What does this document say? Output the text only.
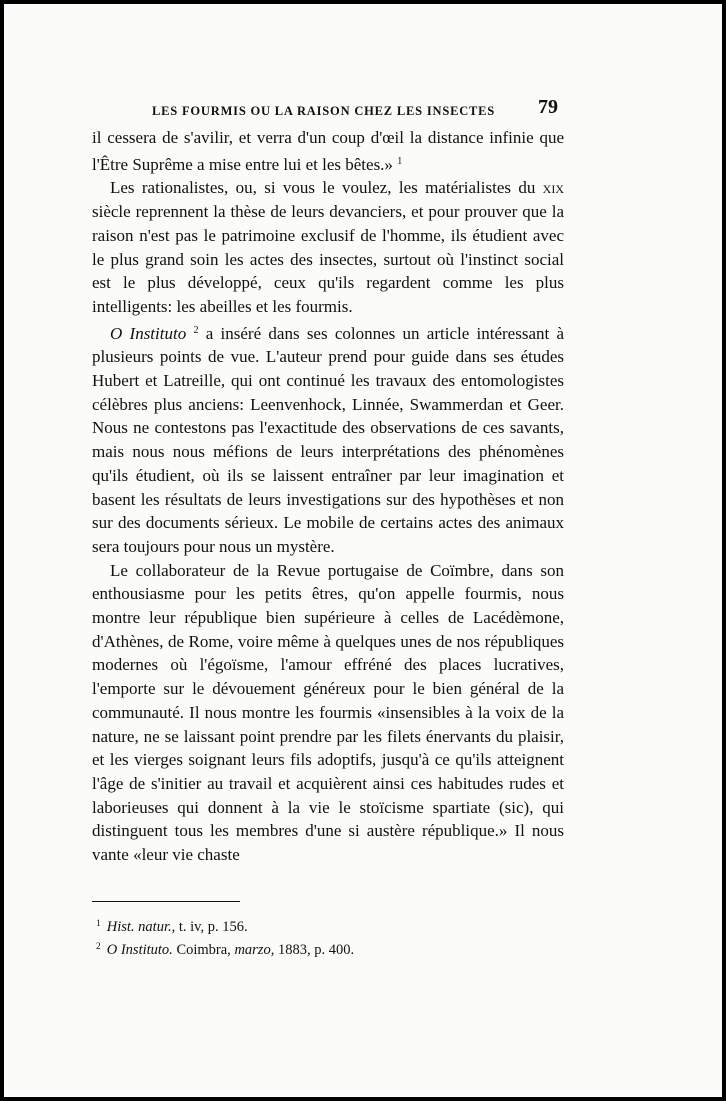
LES FOURMIS OU LA RAISON CHEZ LES INSECTES 79

il cessera de s'avilir, et verra d'un coup d'œil la distance infinie que l'Être Suprême a mise entre lui et les bêtes.» $^1$

Les rationalistes, ou, si vous le voulez, les matérialistes du xix siècle reprennent la thèse de leurs devanciers, et pour prouver que la raison n'est pas le patrimoine exclusif de l'homme, ils étudient avec le plus grand soin les actes des insectes, surtout où l'instinct social est le plus développé, ceux qu'ils regardent comme les plus intelligents: les abeilles et les fourmis.

O Instituto $^2$ a inséré dans ses colonnes un article intéressant à plusieurs points de vue. L'auteur prend pour guide dans ses études Hubert et Latreille, qui ont continué les travaux des entomologistes célèbres plus anciens: Leenvenhock, Linnée, Swammerdan et Geer. Nous ne contestons pas l'exactitude des observations de ces savants, mais nous nous méfions de leurs interprétations des phénomènes qu'ils étudient, où ils se laissent entraîner par leur imagination et basent les résultats de leurs investigations sur des hypothèses et non sur des documents sérieux. Le mobile de certains actes des animaux sera toujours pour nous un mystère.

Le collaborateur de la Revue portugaise de Coïmbre, dans son enthousiasme pour les petits êtres, qu'on appelle fourmis, nous montre leur république bien supérieure à celles de Lacédèmone, d'Athènes, de Rome, voire même à quelques unes de nos républiques modernes où l'égoïsme, l'amour effréné des places lucratives, l'emporte sur le dévouement généreux pour le bien général de la communauté. Il nous montre les fourmis «insensibles à la voix de la nature, ne se laissant point prendre par les filets énervants du plaisir, et les vierges soignant leurs fils adoptifs, jusqu'à ce qu'ils atteignent l'âge de s'initier au travail et acquièrent ainsi ces habitudes rudes et laborieuses qui donnent à la vie le stoïcisme spartiate (sic), qui distinguent tous les membres d'une si austère république.» Il nous vante «leur vie chaste

$^1$ Hist. natur., t. iv, p. 156.
$^2$ O Instituto. Coimbra, marzo, 1883, p. 400.
